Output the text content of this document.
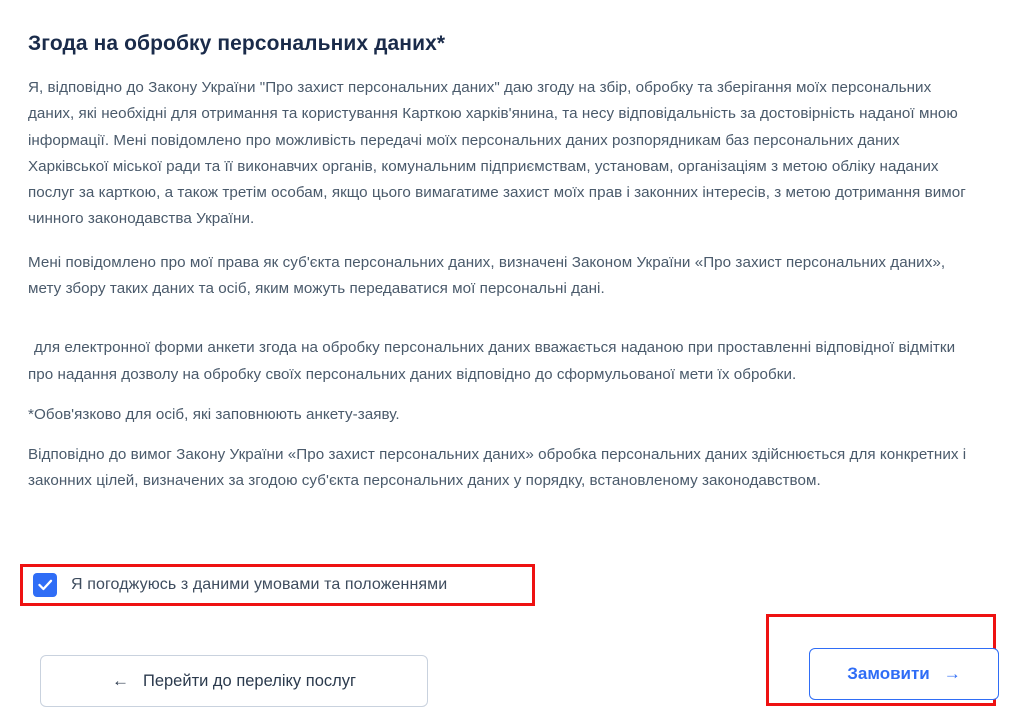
Згода на обробку персональних даних*

Я, відповідно до Закону України "Про захист персональних даних" даю згоду на збір, обробку та зберігання моїх персональних даних, які необхідні для отримання та користування Карткою харків'янина, та несу відповідальність за достовірність наданої мною інформації. Мені повідомлено про можливість передачі моїх персональних даних розпорядникам баз персональних даних Харківської міської ради та її виконавчих органів, комунальним підприємствам, установам, організаціям з метою обліку наданих послуг за карткою, а також третім особам, якщо цього вимагатиме захист моїх прав і законних інтересів, з метою дотримання вимог чинного законодавства України.

Мені повідомлено про мої права як суб'єкта персональних даних, визначені Законом України «Про захист персональних даних», мету збору таких даних та осіб, яким можуть передаватися мої персональні дані.

для електронної форми анкети згода на обробку персональних даних вважається наданою при проставленні відповідної відмітки про надання дозволу на обробку своїх персональних даних відповідно до сформульованої мети їх обробки.

*Обов'язково для осіб, які заповнюють анкету-заяву.

Відповідно до вимог Закону України «Про захист персональних даних» обробка персональних даних здійснюється для конкретних і законних цілей, визначених за згодою суб'єкта персональних даних у порядку, встановленому законодавством.

Я погоджуюсь з даними умовами та положеннями
← Перейти до переліку послуг	Замовити →
